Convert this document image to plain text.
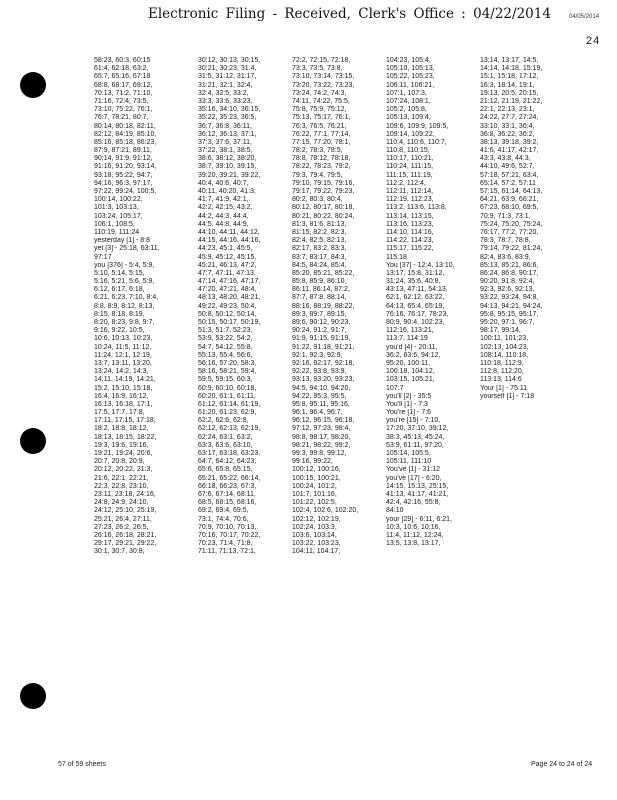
Electronic Filing - Received, Clerk's Office : 04/22/2014	04/05/2014
24
58:23, 60:3, 60:15
61:4, 62:18, 63:2,
65:7, 65:16, 67:18
68:8, 68:17, 69:12,
70:13, 71:2, 71:10,
71:16, 72:4, 73:5,
73:10, 75:22, 76:1,
76:7, 78:21, 80:7,
80:14, 80:18, 82:11,
82:12, 84:19, 85:10,
85:16, 85:18, 86:23,
87:9, 87:21, 89:11,
90:14, 91:9, 91:12,
91:16, 91:20, 93:14,
93:18, 95:22, 94:7,
94:16, 96:3, 97:17,
97:22, 99:24, 100:5,
100:14, 100:22,
101:3, 103:13,
103:24, 105:17,
106:1, 108:5,
110:19, 111:24
yesterday [1] - 8:8
yet [3] - 25:18, 63:11,
97:17
you [376] - 5:4, 5:9,
5:10, 5:14, 5:15,
5:16, 5:21, 5:6, 5:9,
6:12, 6:17, 6:18,
6:21, 6:23, 7:10, 8:4,
8:8, 8:9, 8:12, 8:13,
8:15, 8:18, 8:19,
8:20, 8:23, 9:8, 9:7,
9:16, 9:22, 10:5,
10:6, 10:13, 10:23,
10:24, 11:5, 11:12,
11:24, 12:1, 12:19,
13:7, 13:11, 13:20,
13:24, 14:2, 14:3,
14:11, 14:19, 14:21,
15:2, 15:10, 15:18,
16:4, 16:9, 16:12,
16:13, 16:18, 17:1,
17:5, 17:7, 17:8,
17:11, 17:15, 17:18,
18:2, 18:8, 18:12,
18:13, 18:15, 18:22,
19:3, 19:6, 19:16,
19:21, 19:24, 20:6,
20:7, 20:8, 20:9,
20:12, 20:22, 21:3,
21:6, 22:1, 22:21,
22:3, 22:8, 23:10,
23:11, 23:18, 24:16,
24:8, 24:9, 24:10,
24:12, 25:10, 25:19,
25:21, 26:4, 27:11,
27:23, 26:2, 26:5,
26:16, 26:18, 28:21,
29:17, 29:21, 29:22,
30:1, 30:7, 30:8,
30:12, 30:13, 30:15,
30:21, 30:23, 31:4,
31:5, 31:12, 31:17,
31:21, 32:1, 32:4,
32:4, 32:5, 33:2,
33:3, 33:6, 33:23,
35:16, 34:10, 36:15,
35:22, 35:23, 36:5,
36:7, 36:8, 36:11,
36:12, 36:13, 37:1,
37:3, 37:6, 37:11,
37:22, 38:1, 38:5,
38:6, 38:12, 38:20,
38:7, 39:10, 39:15,
39:20, 39:21, 39:22,
40:4, 40:6, 40:7,
40:11, 40:20, 41:3,
41:7, 41:9, 42:1,
42:2, 42:15, 43:2,
44:2, 44:3, 44:4,
44:5, 44:8, 44:9,
44:10, 44:11, 44:12,
44:15, 44:16, 44:16,
44:23, 45:1, 45:5,
45:9, 45:12, 45:15,
45:21, 46:13, 47:2,
47:7, 47:11, 47:13,
47:14, 47:16, 47:17,
47:20, 47:21, 48:4,
48:13, 48:20, 48:21,
49:22, 49:23, 50:4,
50:8, 50:12, 50:14,
50:15, 50:17, 50:19,
51:3, 51:7, 52:23,
53:9, 53:22, 54:2,
54:7, 54:12, 55:8,
55:13, 55:4, 56:6,
56:16, 57:20, 58:3,
58:16, 58:21, 59:4,
59:5, 59:15, 60:3,
60:9, 60:10, 60:18,
60:20, 61:1, 61:11,
61:12, 61:14, 61:19,
61:20, 61:23, 62:9,
62:2, 62:6, 62:8,
62:12, 62:13, 62:19,
62:24, 63:1, 63:2,
63:3, 63:6, 63:10,
63:17, 63:18, 63:23,
64:7, 64:12, 64:23,
65:6, 65:8, 65:15,
65:21, 65:22, 66:14,
66:18, 66:23, 67:3,
67:6, 67:14, 68:11,
68:5, 68:15, 68:16,
69:2, 69:4, 69:5,
73:1, 74:4, 70:6,
70:9, 70:10, 70:13,
70:16, 70:17, 70:22,
70:23, 71:4, 71:8,
71:11, 71:13, 72:1,
72:2, 72:15, 72:18,
73:3, 73:5, 73:8,
73:10, 73:14, 73:15,
73:20, 73:22, 73:23,
73:24, 74:2, 74:3,
74:11, 74:22, 75:5,
75:8, 75:9, 75:12,
75:13, 75:17, 76:1,
76:3, 76:5, 76:21,
76:22, 77:1, 77:14,
77:15, 77:20, 78:1,
78:2, 78:3, 78:5,
78:8, 78:12, 78:18,
78:22, 78:23, 79:2,
79:3, 79:4, 79:5,
79:10, 79:15, 79:16,
79:17, 79:22, 79:23,
80:2, 80:3, 80:4,
80:12, 80:17, 80:18,
80:21, 80:22, 80:24,
81:3, 81:6, 81:13,
81:15, 82:2, 82:3,
82:4, 82:5, 82:13,
82:17, 83:2, 83:3,
83:7, 83:17, 84:3,
84:5, 84:24, 85:4,
85:20, 85:21, 85:22,
85:8, 85:9, 86:10,
86:11, 86:14, 87:2,
87:7, 87:8, 88:14,
88:16, 88:19, 88:22,
89:3, 89:7, 89:15,
89:6, 90:12, 90:23,
90:24, 91:2, 91:7,
91:9, 91:15, 91:19,
91:22, 91:18, 91:21,
92:1, 92:3, 92:9,
92:16, 92:17, 92:18,
92:22, 93:8, 93:9,
93:13, 93:20, 93:23,
94:5, 94:10, 94:20,
94:22, 95:3, 95:5,
95:8, 95:11, 95:16,
96:1, 96:4, 96:7,
96:12, 96:15, 96:18,
97:12, 97:23, 98:4,
98:8, 98:17, 98:20,
98:21, 98:22, 99:2,
99:3, 99:8, 99:12,
99:16, 99:22,
100:12, 100:16,
100:15, 100:21,
100:24, 101:2,
101:7, 101:16,
101:22, 102:5,
102:4, 102:6, 102:20,
102:12, 102:19,
102:24, 103:3,
103:6, 103:14,
103:22, 103:23,
104:11, 104:17,
104:23, 105:4,
105:10, 105:13,
105:22, 105:23,
106:11, 106:21,
107:1, 107:3,
107:24, 108:1,
105:2, 105:8,
105:13, 109:4,
109:6, 109:9, 109:5,
109:14, 109:22,
110:4, 110:6, 110:7,
110:8, 110:15,
110:17, 110:21,
110:24, 111:15,
111:15, 111:19,
112:2, 112:4,
112:11, 112:14,
112:19, 112:23,
113:2, 113:6, 113:8,
113:14, 113:15,
113:16, 113:23,
114:10, 114:16,
114:22, 114:23,
115:17, 115:22,
115:18
You [37] - 12:4, 13:10,
13:17, 15:8, 31:12,
31:24, 35:6, 40:8,
43:13, 47:11, 54:13,
62:1, 62:12, 63:22,
64:13, 65:4, 65:19,
76:16, 76:17, 78:23,
80:9, 90:4, 102:23,
112:16, 113:21,
113:7, 114:19
you'd [4] - 20:11,
36:2, 63:6, 94:12,
95:20, 100:11,
100:18, 104:12,
103:15, 105:21,
107:7
you'll [2] - 35:5
You'll [1] - 7:3
You're [1] - 7:6
you're [15] - 7:10,
17:20, 37:10, 39:12,
38:3, 45:13, 45:24,
53:9, 61:11, 97:20,
105:14, 105:5,
105:11, 111:10
You've [1] - 31:12
you've [17] - 6:20,
14:15, 15:13, 25:15,
41:13, 41:17, 41:21,
42:4, 42:16, 55:8,
84:10
your [29] - 6:11, 6:21,
10:3, 10:6, 10:16,
11:4, 11:12, 12:24,
13:5, 13:8, 13:17,
13:14, 13:17, 14:5,
14:14, 14:18, 15:19,
15:1, 15:18, 17:12,
16:3, 18:14, 19:1,
19:13, 20:5, 20:15,
21:12, 21:19, 21:22,
22:1, 22:13, 23:1,
24:22, 27:7, 27:24,
33:10, 33:1, 36:4,
36:8, 36:22, 36:2,
38:13, 39:18, 39:2,
41:6, 41:17, 42:17,
43:3, 43:8, 44:3,
44:10, 49:6, 52:7,
57:18, 57:21, 63:4,
65:14, 57:2, 57:11
57:15, 61:14, 64:13,
64:21, 63:9, 66:21,
67:23, 68:10, 69:5,
70:9, 71:3, 73:1,
75:24, 75:20, 75:24,
76:17, 77:2, 77:20,
78:3, 78:7, 78:8,
79:14, 79:22, 81:24,
82:4, 83:6, 83:9,
85:13, 85:21, 86:6,
86:24, 86:8, 90:17,
90:20, 91:8, 92:4,
92:3, 92:6, 92:13,
93:22, 93:24, 94:8,
94:13, 94:21, 94:24,
95:8, 95:15, 95:17,
95:20, 97:1, 96:7,
98:17, 99:14,
100:11, 101:23,
102:13, 104:23,
108:14, 110:18,
110:18, 112:9,
112:8, 112:20,
113:13, 114:6
Your [1] - 75:11
yourself [1] - 7:18
57 of 59 sheets	Page 24 to 24 of 24
